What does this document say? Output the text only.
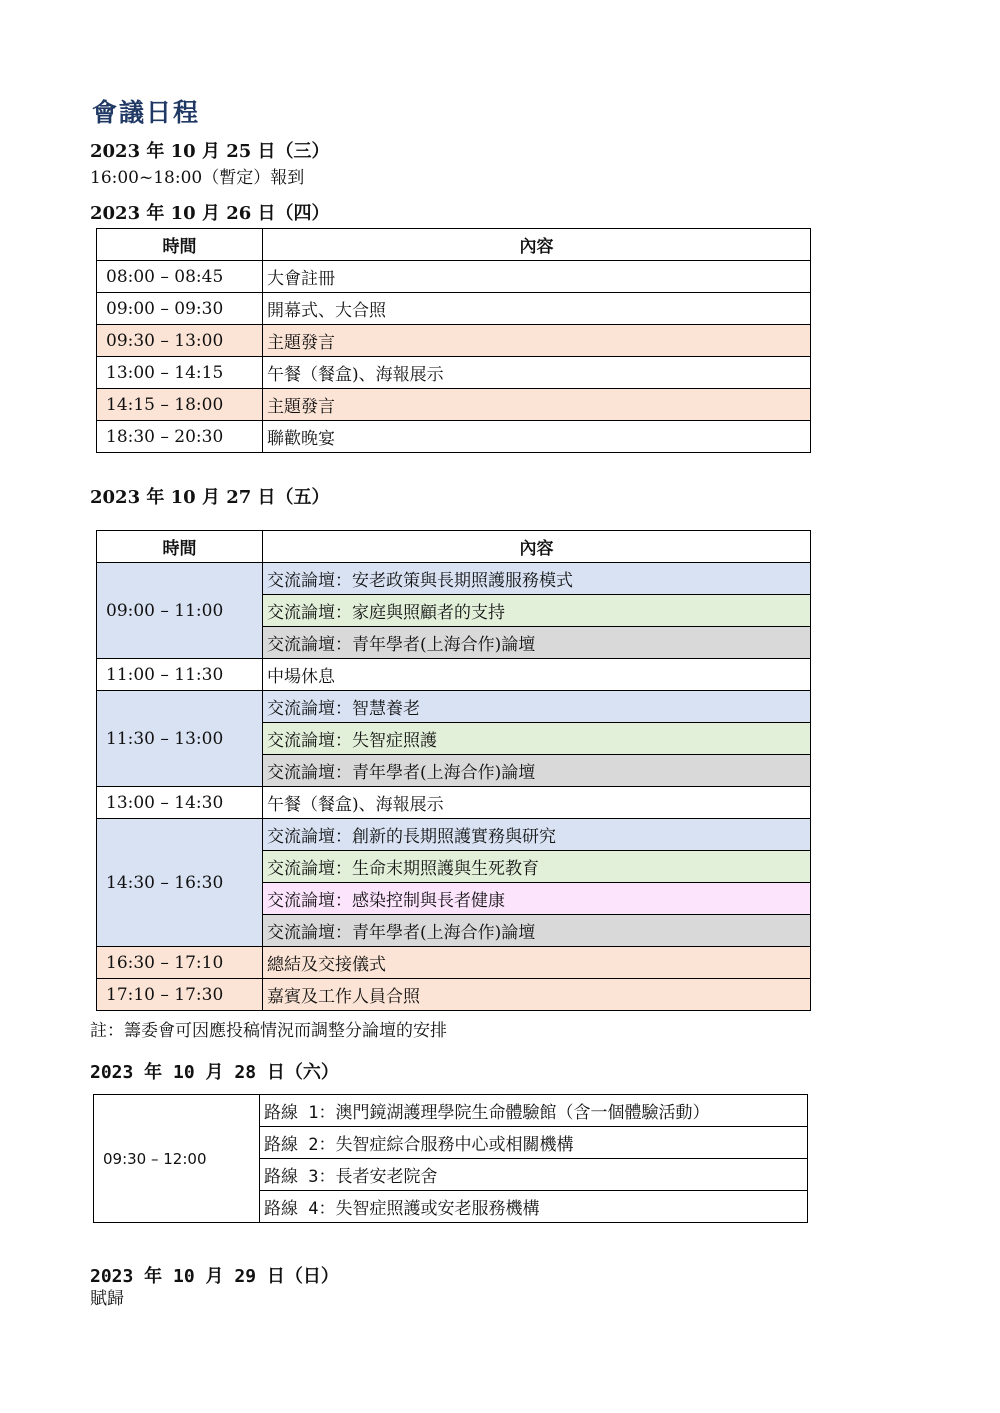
會議日程
2023 年 10 月 25 日（三）
16:00~18:00（暫定）報到
2023 年 10 月 26 日（四）
時間	內容
08:00 – 08:45	大會註冊
09:00 – 09:30	開幕式、大合照
09:30 – 13:00	主題發言
13:00 – 14:15	午餐（餐盒)、海報展示
14:15 – 18:00	主題發言
18:30 – 20:30	聯歡晚宴
2023 年 10 月 27 日（五）
時間	內容
09:00 – 11:00	交流論壇：安老政策與長期照護服務模式
	交流論壇：家庭與照顧者的支持
	交流論壇：青年學者(上海合作)論壇
11:00 – 11:30	中場休息
11:30 – 13:00	交流論壇：智慧養老
	交流論壇：失智症照護
	交流論壇：青年學者(上海合作)論壇
13:00 – 14:30	午餐（餐盒)、海報展示
14:30 – 16:30	交流論壇：創新的長期照護實務與研究
	交流論壇：生命末期照護與生死教育
	交流論壇：感染控制與長者健康
	交流論壇：青年學者(上海合作)論壇
16:30 – 17:10	總結及交接儀式
17:10 – 17:30	嘉賓及工作人員合照
註：籌委會可因應投稿情況而調整分論壇的安排
2023 年 10 月 28 日（六）
09:30 – 12:00	路線 1：澳門鏡湖護理學院生命體驗館（含一個體驗活動）
路線 2：失智症綜合服務中心或相關機構
路線 3：長者安老院舍
路線 4：失智症照護或安老服務機構
2023 年 10 月 29 日（日）
賦歸
